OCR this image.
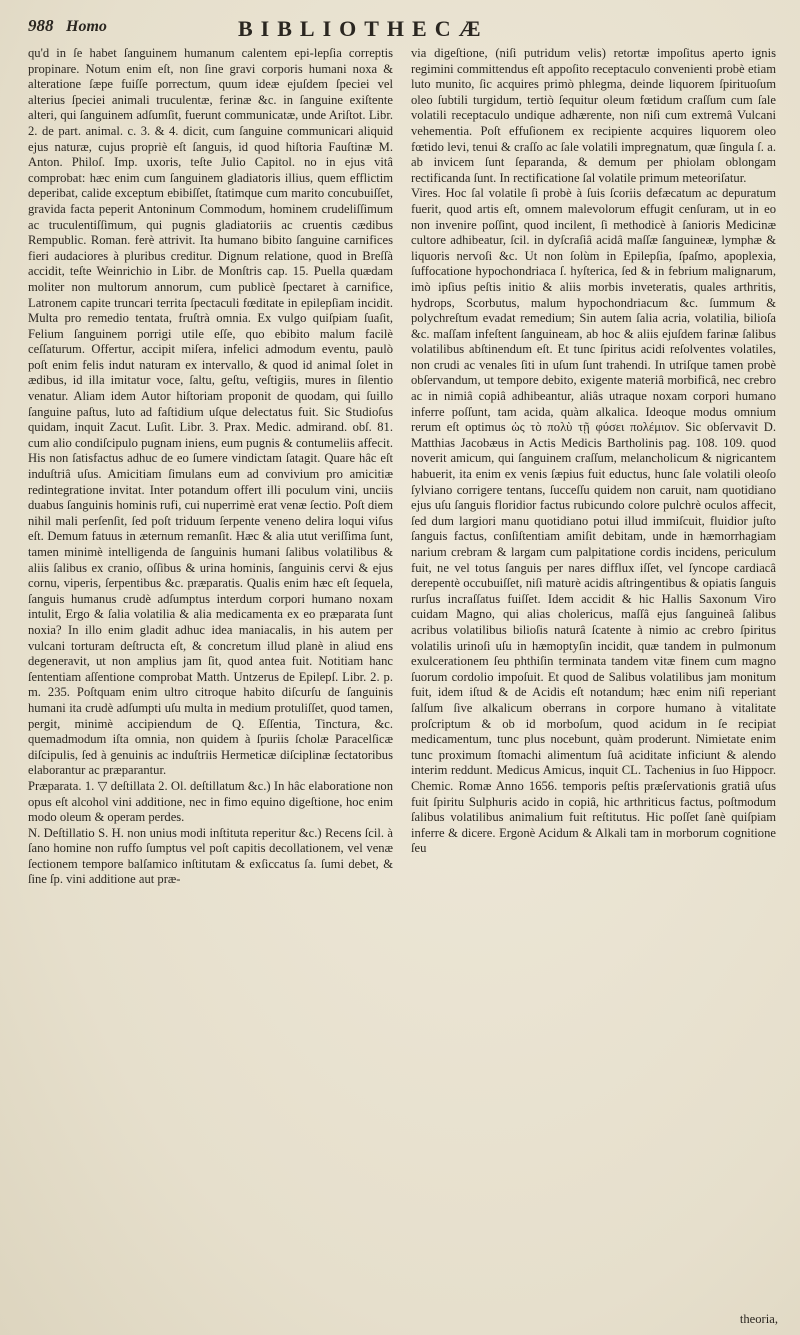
988 Homo	BIBLIOTHECÆ

qu'd in ſe habet ſanguinem humanum calentem epi-lepſia correptis propinare. Notum enim eſt, non ſine gravi corporis humani noxa & alteratione ſæpe fuiſſe porrectum, quum ideæ ejuſdem ſpeciei vel alterius ſpeciei animali truculentæ, ferinæ &c. in ſanguine exiſtente alteri, qui ſanguinem adſumſit, fuerunt communicatæ, unde Ariſtot. Libr. 2. de part. animal. c. 3. & 4. dicit, cum ſanguine communicari aliquid ejus naturæ, cujus propriè eſt ſanguis, id quod hiſtoria Fauſtinæ M. Anton. Philoſ. Imp. uxoris, teſte Julio Capitol. no in ejus vitâ comprobat: hæc enim cum ſanguinem gladiatoris illius, quem efflictim deperibat, calide exceptum ebibiſſet, ſtatimque cum marito concubuiſſet, gravida facta peperit Antoninum Commodum, hominem crudeliſſimum ac truculentiſſimum, qui pugnis gladiatoriis ac cruentis cædibus Rempublic. Roman. ferè attrivit. Ita humano bibito ſanguine carnifices fieri audaciores à pluribus creditur. Dignum relatione, quod in Breſſà accidit, teſte Weinrichio in Libr. de Monſtris cap. 15. Puella quædam moliter non multorum annorum, cum publicè ſpectaret à carnifice, Latronem capite truncari territa ſpectaculi fœditate in epilepſiam incidit. Multa pro remedio tentata, fruſtrà omnia. Ex vulgo quiſpiam ſuaſit, Felium ſanguinem porrigi utile eſſe, quo ebibito malum facilè ceſſaturum. Offertur, accipit miſera, infelici admodum eventu, paulò poſt enim felis indut naturam ex intervallo, & quod id animal ſolet in ædibus, id illa imitatur voce, ſaltu, geſtu, veſtigiis, mures in ſilentio venatur. Aliam idem Autor hiſtoriam proponit de quodam, qui ſuillo ſanguine paſtus, luto ad faſtidium uſque delectatus fuit. Sic Studioſus quidam, inquit Zacut. Luſit. Libr. 3. Prax. Medic. admirand. obſ. 81. cum alio condiſcipulo pugnam iniens, eum pugnis & contumeliis affecit. His non ſatisfactus adhuc de eo ſumere vindictam ſatagit. Quare hâc eſt induſtriâ uſus. Amicitiam ſimulans eum ad convivium pro amicitiæ redintegratione invitat. Inter potandum offert illi poculum vini, unciis duabus ſanguinis hominis rufi, cui nuperrimè erat venæ ſectio. Poſt diem nihil mali perſenſit, ſed poſt triduum ſerpente veneno delira loqui viſus eſt. Demum fatuus in æternum remanſit. Hæc & alia utut veriſſima ſunt, tamen minimè intelligenda de ſanguinis humani ſalibus volatilibus & aliis ſalibus ex cranio, oſſibus & urina hominis, ſanguinis cervi & ejus cornu, viperis, ſerpentibus &c. præparatis. Qualis enim hæc eſt ſequela, ſanguis humanus crudè adſumptus interdum corpori humano noxam intulit, Ergo & ſalia volatilia & alia medicamenta ex eo præparata ſunt noxia? In illo enim gladit adhuc idea maniacalis, in his autem per vulcani torturam deſtructa eſt, & concretum illud planè in aliud ens degeneravit, ut non amplius jam ſit, quod antea fuit. Notitiam hanc ſententiam aſſentione comprobat Matth. Untzerus de Epilepſ. Libr. 2. p. m. 235. Poſtquam enim ultro citroque habito diſcurſu de ſanguinis humani ita crudè adſumpti uſu multa in medium protuliſſet, quod tamen, pergit, minimè accipiendum de Q. Eſſentia, Tinctura, &c. quemadmodum iſta omnia, non quidem à ſpuriis ſcholæ Paracelſicæ diſcipulis, ſed à genuinis ac induſtriis Hermeticæ diſciplinæ ſectatoribus elaborantur ac præparantur.

Præparata. 1. ▽ deſtillata 2. Ol. deſtillatum &c.) In hâc elaboratione non opus eſt alcohol vini additione, nec in fimo equino digeſtione, hoc enim modo oleum & operam perdes.

N. Deſtillatio S. H. non unius modi inſtituta reperitur &c.) Recens ſcil. à ſano homine non ruffo ſumptus vel poſt capitis decollationem, vel venæ ſectionem tempore balſamico inſtitutam & exſiccatus ſa. ſumi debet, & ſine ſp. vini additione aut præ-

via digeſtione, (niſi putridum velis) retortæ impoſitus aperto ignis regimini committendus eſt appoſito receptaculo convenienti probè etiam luto munito, ſic acquires primò phlegma, deinde liquorem ſpirituoſum oleo ſubtili turgidum, tertiò ſequitur oleum fœtidum craſſum cum ſale volatili receptaculo undique adhærente, non niſi cum extremâ Vulcani vehementia. Poſt effuſionem ex recipiente acquires liquorem oleo fœtido levi, tenui & craſſo ac ſale volatili impregnatum, quæ ſingula ſ. a. ab invicem ſunt ſeparanda, & demum per phiolam oblongam rectificanda ſunt. In rectificatione ſal volatile primum meteoriſatur.

Vires. Hoc ſal volatile ſi probè à ſuis ſcoriis defæcatum ac depuratum fuerit, quod artis eſt, omnem malevolorum effugit cenſuram, ut in eo non invenire poſſint, quod incilent, ſi methodicè à ſanioris Medicinæ cultore adhibeatur, ſcil. in dyſcraſiâ acidâ maſſæ ſanguineæ, lymphæ & liquoris nervoſi &c. Ut non ſolùm in Epilepſia, ſpaſmo, apoplexia, ſuffocatione hypochondriaca ſ. hyſterica, ſed & in febrium malignarum, imò ipſius peſtis initio & aliis morbis inveteratis, quales arthritis, hydrops, Scorbutus, malum hypochondriacum &c. ſummum & polychreſtum evadat remedium; Sin autem ſalia acria, volatilia, bilioſa &c. maſſam infeſtent ſanguineam, ab hoc & aliis ejuſdem farinæ ſalibus volatilibus abſtinendum eſt. Et tunc ſpiritus acidi reſolventes volatiles, non crudi ac venales ſiti in uſum ſunt trahendi. In utriſque tamen probè obſervandum, ut tempore debito, exigente materiâ morbificâ, nec crebro ac in nimiâ copiâ adhibeantur, aliâs utraque noxam corpori humano inferre poſſunt, tam acida, quàm alkalica. Ideoque modus omnium rerum eſt optimus ὡς τὸ πολὺ τῇ φύσει πολέμιον. Sic obſervavit D. Matthias Jacobæus in Actis Medicis Bartholinis pag. 108. 109. quod noverit amicum, qui ſanguinem craſſum, melancholicum & nigricantem habuerit, ita enim ex venis ſæpius fuit eductus, hunc ſale volatili oleoſo ſylviano corrigere tentans, ſucceſſu quidem non caruit, nam quotidiano ejus uſu ſanguis floridior factus rubicundo colore pulchrè oculos affecit, ſed dum largiori manu quotidiano potui illud immiſcuit, fluidior juſto ſanguis factus, conſiſtentiam amiſit debitam, unde in hæmorrhagiam narium crebram & largam cum palpitatione cordis incidens, periculum fuit, ne vel totus ſanguis per nares difflux iſſet, vel ſyncope cardiacâ derepentè occubuiſſet, niſi maturè acidis aſtringentibus & opiatis ſanguis rurſus incraſſatus fuiſſet. Idem accidit & hic Hallis Saxonum Viro cuidam Magno, qui alias cholericus, maſſâ ejus ſanguineâ ſalibus acribus volatilibus bilioſis naturâ ſcatente à nimio ac crebro ſpiritus volatilis urinoſi uſu in hæmoptyſin incidit, quæ tandem in pulmonum exulcerationem ſeu phthiſin terminata tandem vitæ finem cum magno ſuorum cordolio impoſuit. Et quod de Salibus volatilibus jam monitum fuit, idem iſtud & de Acidis eſt notandum; hæc enim niſi reperiant ſalſum ſive alkalicum oberrans in corpore humano à vitalitate proſcriptum & ob id morboſum, quod acidum in ſe recipiat medicamentum, tunc plus nocebunt, quàm proderunt. Nimietate enim tunc proximum ſtomachi alimentum ſuâ aciditate inficiunt & alendo interim reddunt. Medicus Amicus, inquit CL. Tachenius in ſuo Hippocr. Chemic. Romæ Anno 1656. temporis peſtis præſervationis gratiâ uſus fuit ſpiritu Sulphuris acido in copiâ, hic arthriticus factus, poſtmodum ſalibus volatilibus animalium fuit reſtitutus. Hic poſſet ſanè quiſpiam inferre & dicere. Ergonè Acidum & Alkali tam in morborum cognitione ſeu

theoria,
